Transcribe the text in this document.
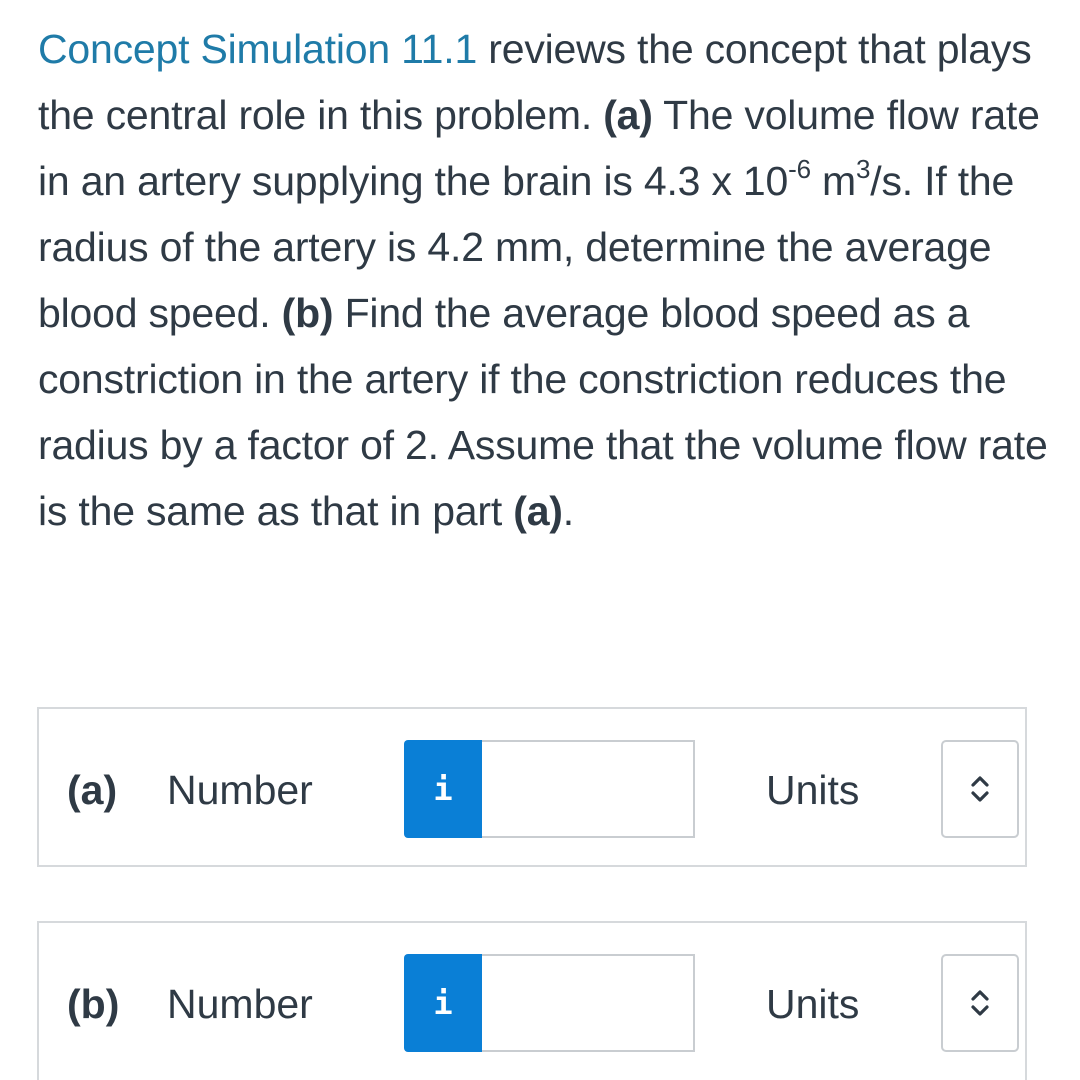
Concept Simulation 11.1 reviews the concept that plays the central role in this problem. (a) The volume flow rate in an artery supplying the brain is 4.3 x $10^{-6}$ $m^3/s$. If the radius of the artery is 4.2 mm, determine the average blood speed. (b) Find the average blood speed as a constriction in the artery if the constriction reduces the radius by a factor of 2. Assume that the volume flow rate is the same as that in part (a).
(a) Number	i	Units
(b) Number	i	Units
